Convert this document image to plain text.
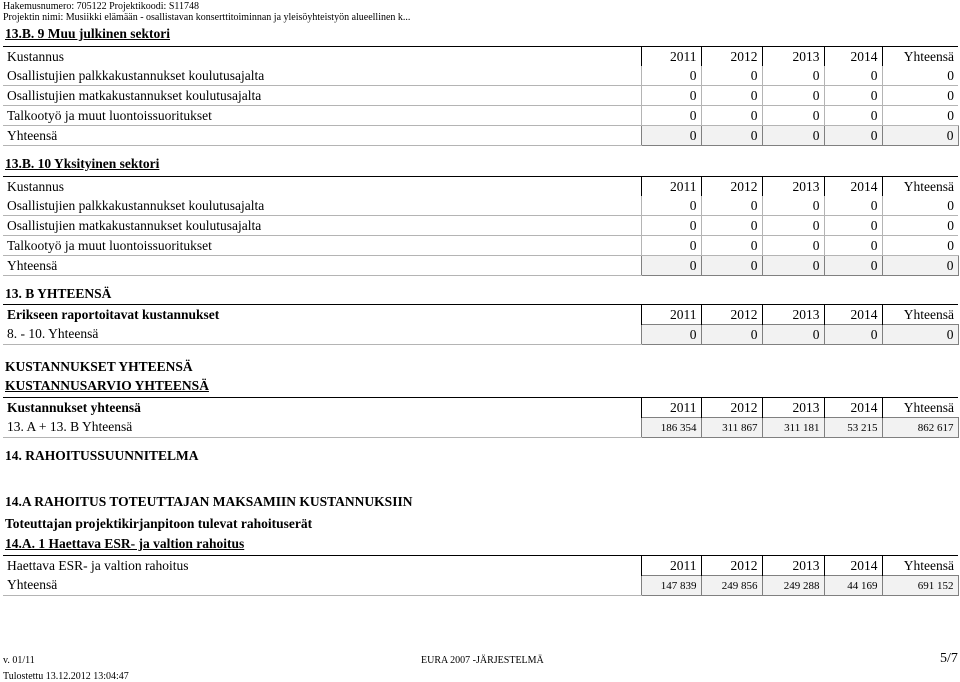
Hakemusnumero: 705122 Projektikoodi: S11748
Projektin nimi: Musiikki elämään - osallistavan konserttitoiminnan ja yleisöyhteistyön alueellinen k...
13.B. 9 Muu julkinen sektori
Kustannus	2011	2012	2013	2014	Yhteensä
Osallistujien palkkakustannukset koulutusajalta	0	0	0	0	0
Osallistujien matkakustannukset koulutusajalta	0	0	0	0	0
Talkootyö ja muut luontoissuoritukset	0	0	0	0	0
Yhteensä	0	0	0	0	0
13.B. 10 Yksityinen sektori
Kustannus	2011	2012	2013	2014	Yhteensä
Osallistujien palkkakustannukset koulutusajalta	0	0	0	0	0
Osallistujien matkakustannukset koulutusajalta	0	0	0	0	0
Talkootyö ja muut luontoissuoritukset	0	0	0	0	0
Yhteensä	0	0	0	0	0
13. B YHTEENSÄ
Erikseen raportoitavat kustannukset	2011	2012	2013	2014	Yhteensä
8. - 10. Yhteensä	0	0	0	0	0
KUSTANNUKSET YHTEENSÄ
KUSTANNUSARVIO YHTEENSÄ
Kustannukset yhteensä	2011	2012	2013	2014	Yhteensä
13. A + 13. B Yhteensä	186 354	311 867	311 181	53 215	862 617
14. RAHOITUSSUUNNITELMA
14.A RAHOITUS TOTEUTTAJAN MAKSAMIIN KUSTANNUKSIIN
Toteuttajan projektikirjanpitoon tulevat rahoituserät
14.A. 1 Haettava ESR- ja valtion rahoitus
Haettava ESR- ja valtion rahoitus	2011	2012	2013	2014	Yhteensä
Yhteensä	147 839	249 856	249 288	44 169	691 152
v. 01/11
Tulostettu 13.12.2012 13:04:47
EURA 2007 -JÄRJESTELMÄ	5/7
